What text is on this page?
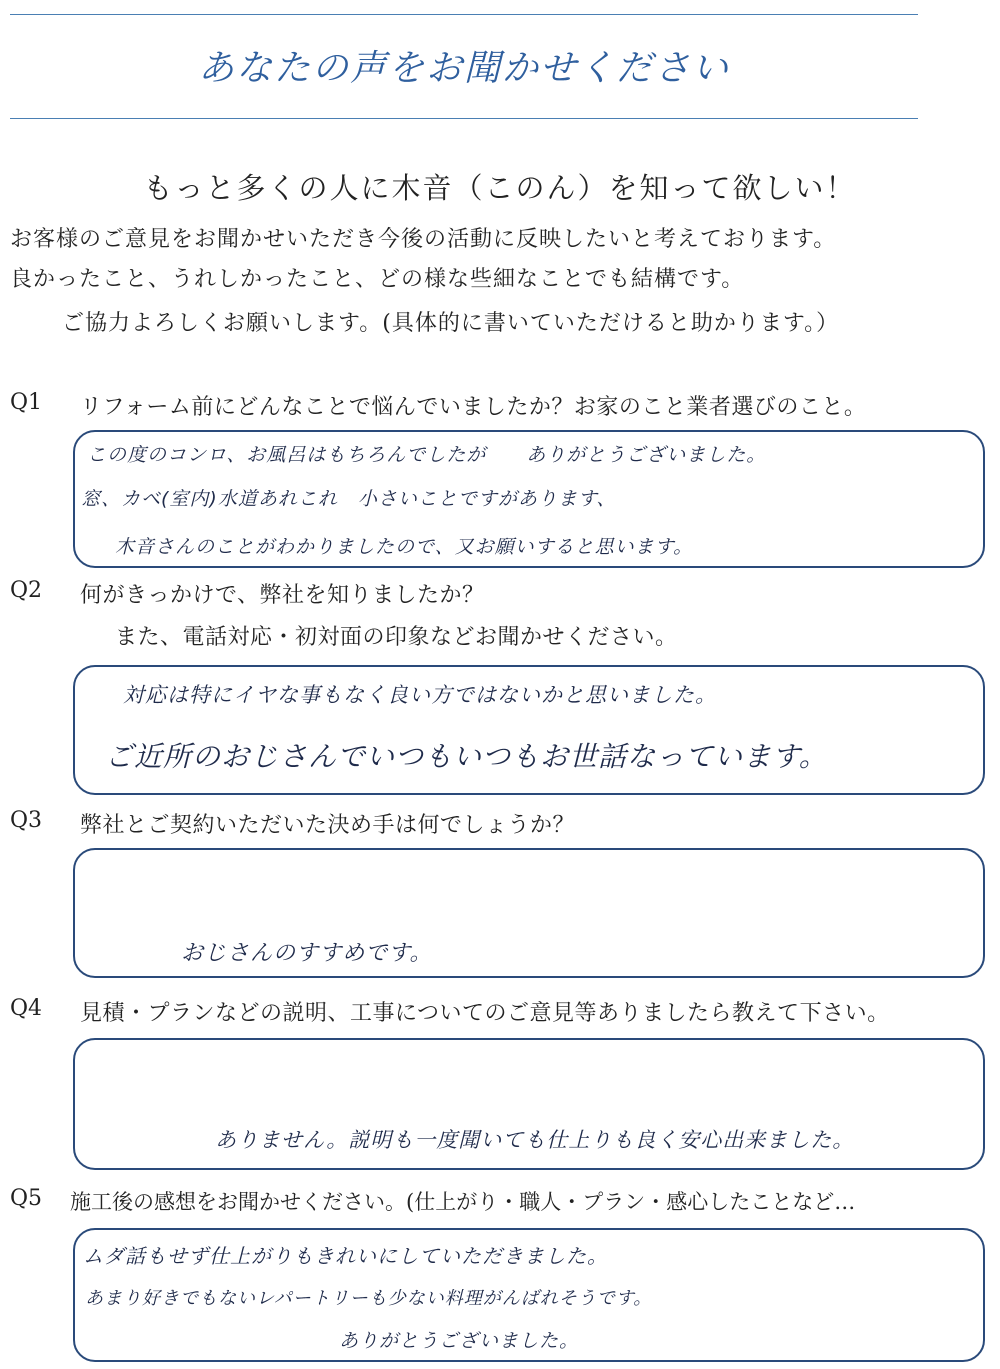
あなたの声をお聞かせください
もっと多くの人に木音（このん）を知って欲しい！
お客様のご意見をお聞かせいただき今後の活動に反映したいと考えております。
良かったこと、うれしかったこと、どの様な些細なことでも結構です。
ご協力よろしくお願いします。(具体的に書いていただけると助かります。）
Q1 リフォーム前にどんなことで悩んでいましたか？お家のこと業者選びのこと。
この度のコンロ、お風呂はもちろんでしたが　　ありがとうございました。
窓、カベ(室内)水道あれこれ　小さいことですがあります、
木音さんのことがわかりましたので、又お願いすると思います。
Q2 何がきっかけで、弊社を知りましたか？
また、電話対応・初対面の印象などお聞かせください。
対応は特にイヤな事もなく良い方ではないかと思いました。
ご近所のおじさんでいつもいつもお世話なっています。
Q3 弊社とご契約いただいた決め手は何でしょうか？
おじさんのすすめです。
Q4 見積・プランなどの説明、工事についてのご意見等ありましたら教えて下さい。
ありません。説明も一度聞いても仕上りも良く安心出来ました。
Q5 施工後の感想をお聞かせください。(仕上がり・職人・プラン・感心したことなど…
ムダ話もせず仕上がりもきれいにしていただきました。
あまり好きでもないレパートリーも少ない料理がんばれそうです。
ありがとうございました。
